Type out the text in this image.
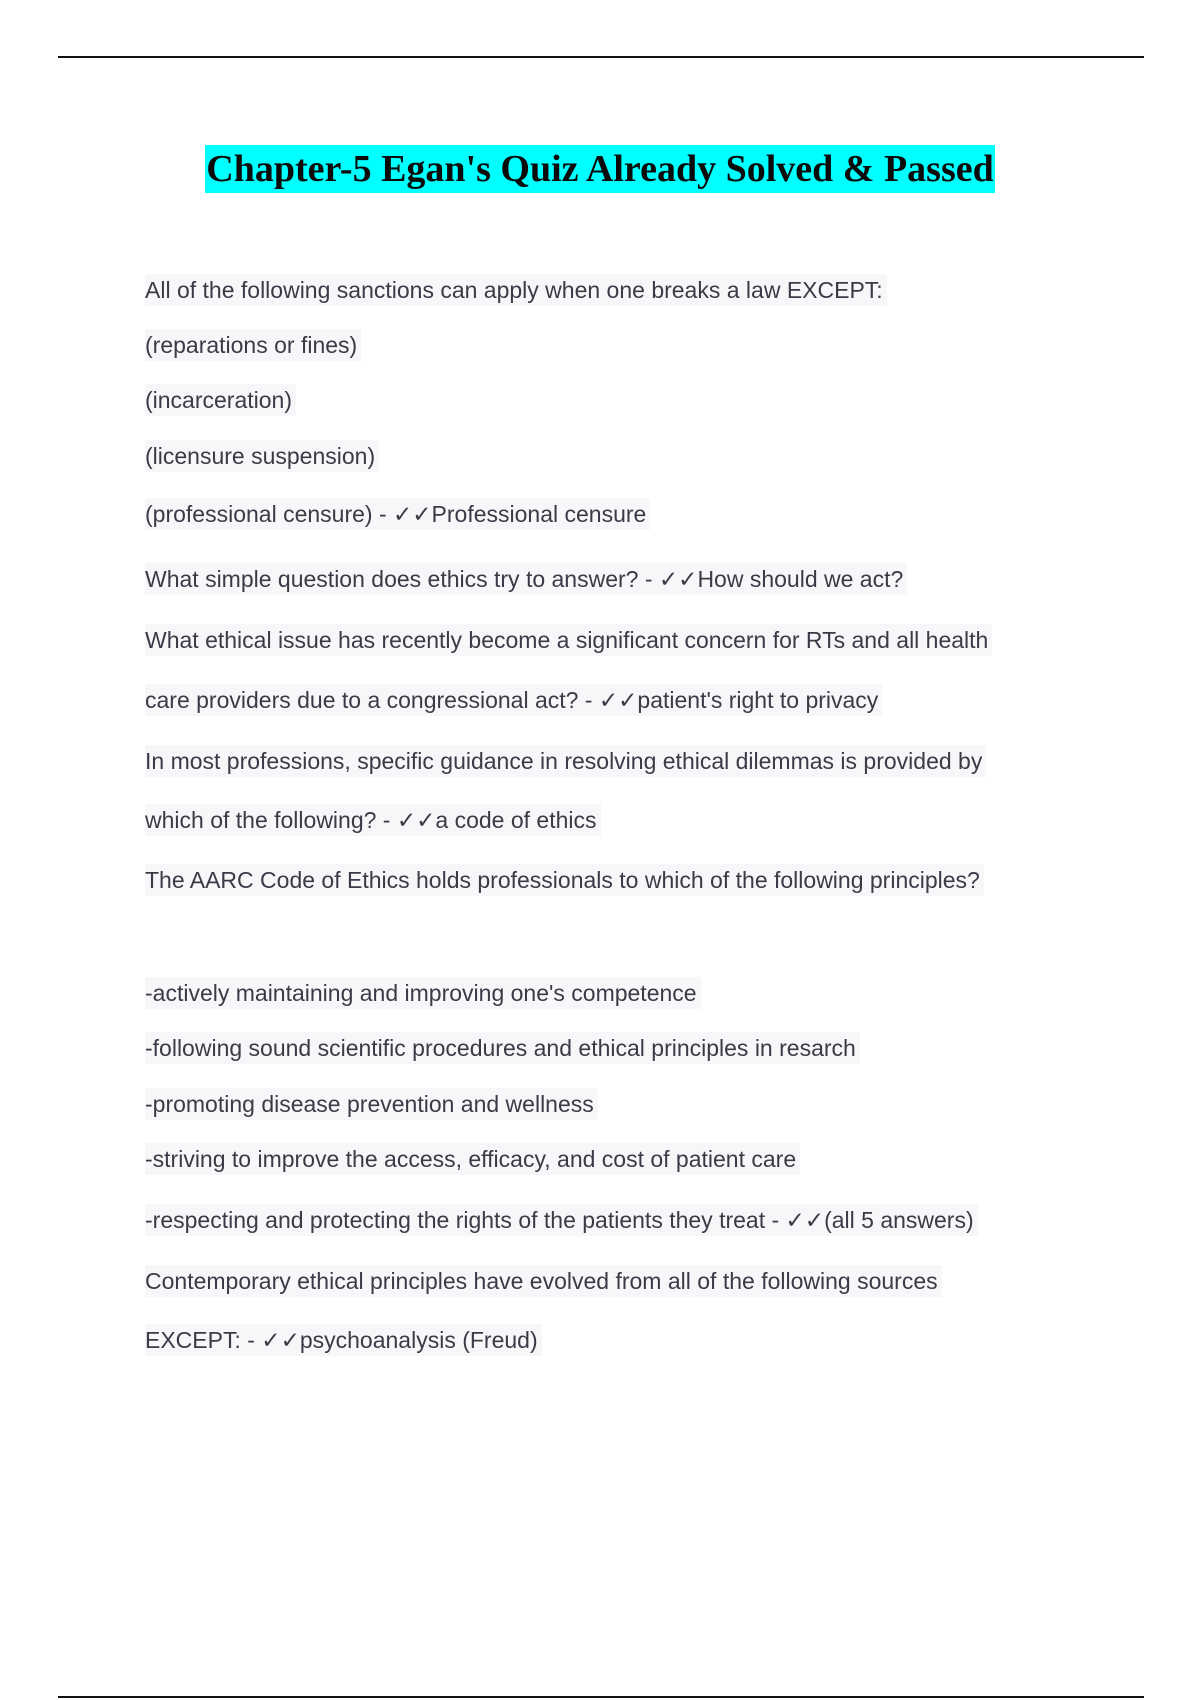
Chapter-5 Egan's Quiz Already Solved & Passed
All of the following sanctions can apply when one breaks a law EXCEPT:
(reparations or fines)
(incarceration)
(licensure suspension)
(professional censure) - ✓✓Professional censure
What simple question does ethics try to answer? - ✓✓How should we act?
What ethical issue has recently become a significant concern for RTs and all health
care providers due to a congressional act? - ✓✓patient's right to privacy
In most professions, specific guidance in resolving ethical dilemmas is provided by
which of the following? - ✓✓a code of ethics
The AARC Code of Ethics holds professionals to which of the following principles?
-actively maintaining and improving one's competence
-following sound scientific procedures and ethical principles in resarch
-promoting disease prevention and wellness
-striving to improve the access, efficacy, and cost of patient care
-respecting and protecting the rights of the patients they treat - ✓✓(all 5 answers)
Contemporary ethical principles have evolved from all of the following sources
EXCEPT: - ✓✓psychoanalysis (Freud)
